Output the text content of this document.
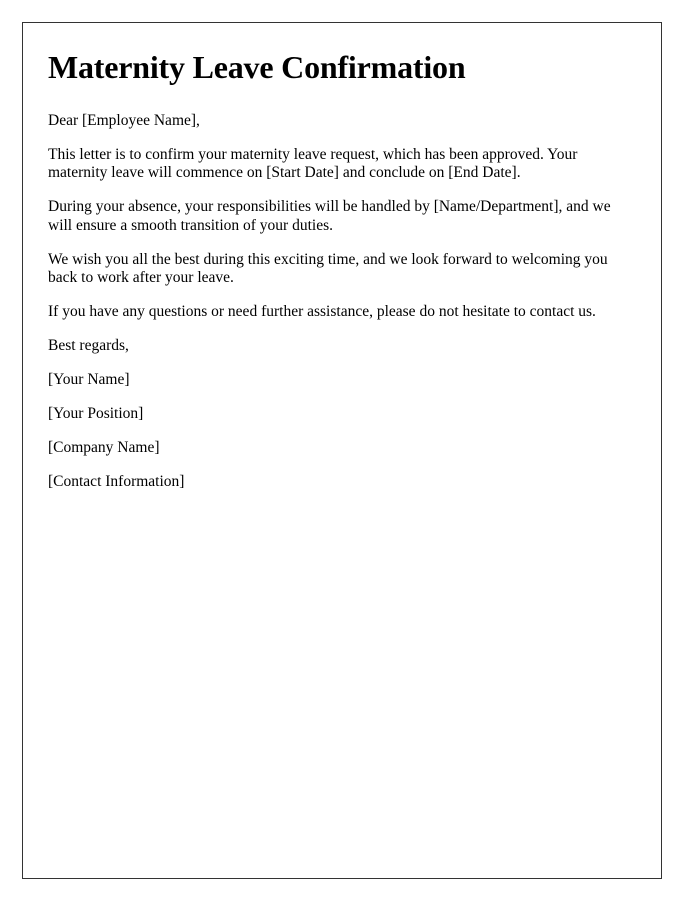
Maternity Leave Confirmation

Dear [Employee Name],

This letter is to confirm your maternity leave request, which has been approved. Your maternity leave will commence on [Start Date] and conclude on [End Date].

During your absence, your responsibilities will be handled by [Name/Department], and we will ensure a smooth transition of your duties.

We wish you all the best during this exciting time, and we look forward to welcoming you back to work after your leave.

If you have any questions or need further assistance, please do not hesitate to contact us.

Best regards,

[Your Name]

[Your Position]

[Company Name]

[Contact Information]
